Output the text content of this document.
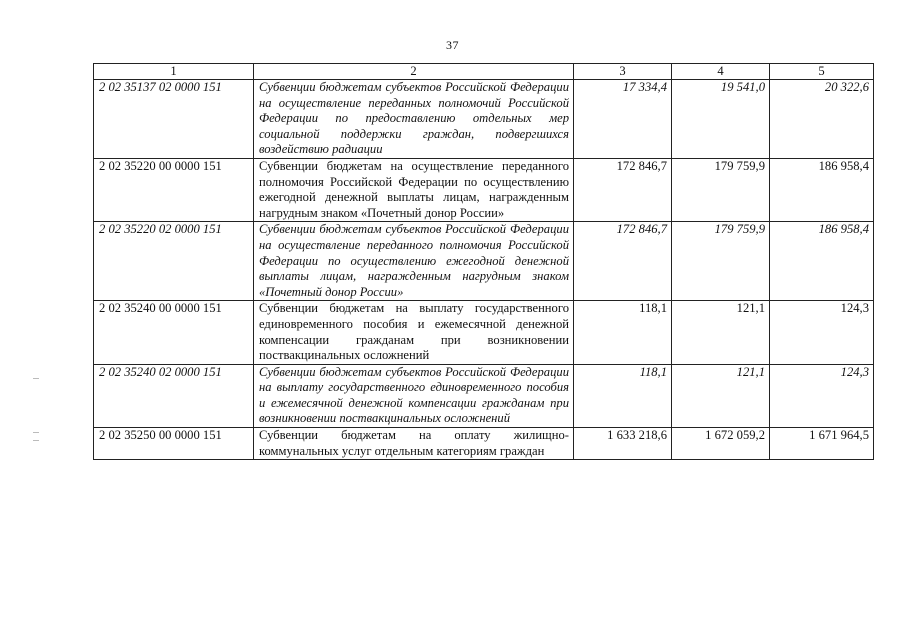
37
1	2	3	4	5
2 02 35137 02 0000 151	Субвенции бюджетам субъектов Российской Федерации на осуществление переданных полномочий Российской Федерации по предоставлению отдельных мер социальной поддержки граждан, подвергшихся воздействию радиации	17 334,4	19 541,0	20 322,6
2 02 35220 00 0000 151	Субвенции бюджетам на осуществление переданного полномочия Российской Федерации по осуществлению ежегодной денежной выплаты лицам, награжденным нагрудным знаком «Почетный донор России»	172 846,7	179 759,9	186 958,4
2 02 35220 02 0000 151	Субвенции бюджетам субъектов Российской Федерации на осуществление переданного полномочия Российской Федерации по осуществлению ежегодной денежной выплаты лицам, награжденным нагрудным знаком «Почетный донор России»	172 846,7	179 759,9	186 958,4
2 02 35240 00 0000 151	Субвенции бюджетам на выплату государственного единовременного пособия и ежемесячной денежной компенсации гражданам при возникновении поствакцинальных осложнений	118,1	121,1	124,3
2 02 35240 02 0000 151	Субвенции бюджетам субъектов Российской Федерации на выплату государственного единовременного пособия и ежемесячной денежной компенсации гражданам при возникновении поствакцинальных осложнений	118,1	121,1	124,3
2 02 35250 00 0000 151	Субвенции бюджетам на оплату жилищно-коммунальных услуг отдельным категориям граждан	1 633 218,6	1 672 059,2	1 671 964,5
